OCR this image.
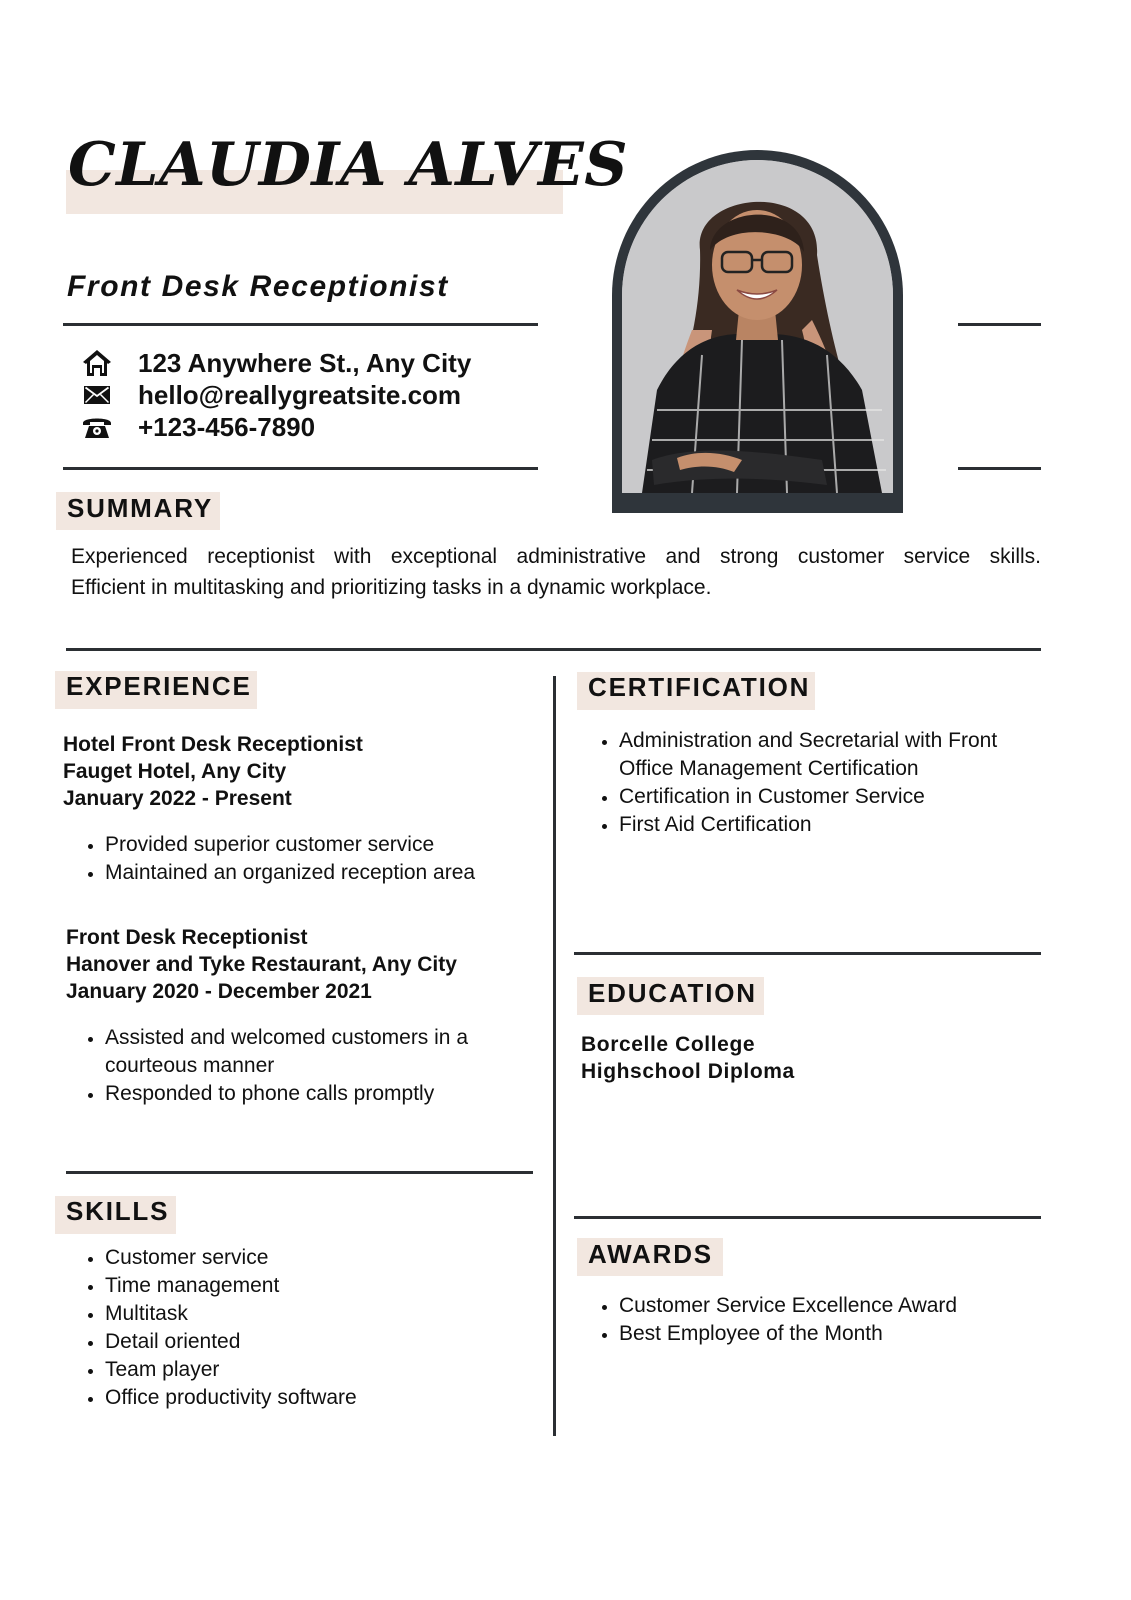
CLAUDIA ALVES
Front Desk Receptionist
123 Anywhere St., Any City
hello@reallygreatsite.com
+123-456-7890
SUMMARY
Experienced receptionist with exceptional administrative and strong customer service skills.
Efficient in multitasking and prioritizing tasks in a dynamic workplace.
EXPERIENCE
Hotel Front Desk Receptionist
Fauget Hotel, Any City
January 2022 - Present
Provided superior customer service
Maintained an organized reception area
Front Desk Receptionist
Hanover and Tyke Restaurant, Any City
January 2020 - December 2021
Assisted and welcomed customers in a
courteous manner
Responded to phone calls promptly
SKILLS
Customer service
Time management
Multitask
Detail oriented
Team player
Office productivity software
CERTIFICATION
Administration and Secretarial with Front
Office Management Certification
Certification in Customer Service
First Aid Certification
EDUCATION
Borcelle College
Highschool Diploma
AWARDS
Customer Service Excellence Award
Best Employee of the Month
